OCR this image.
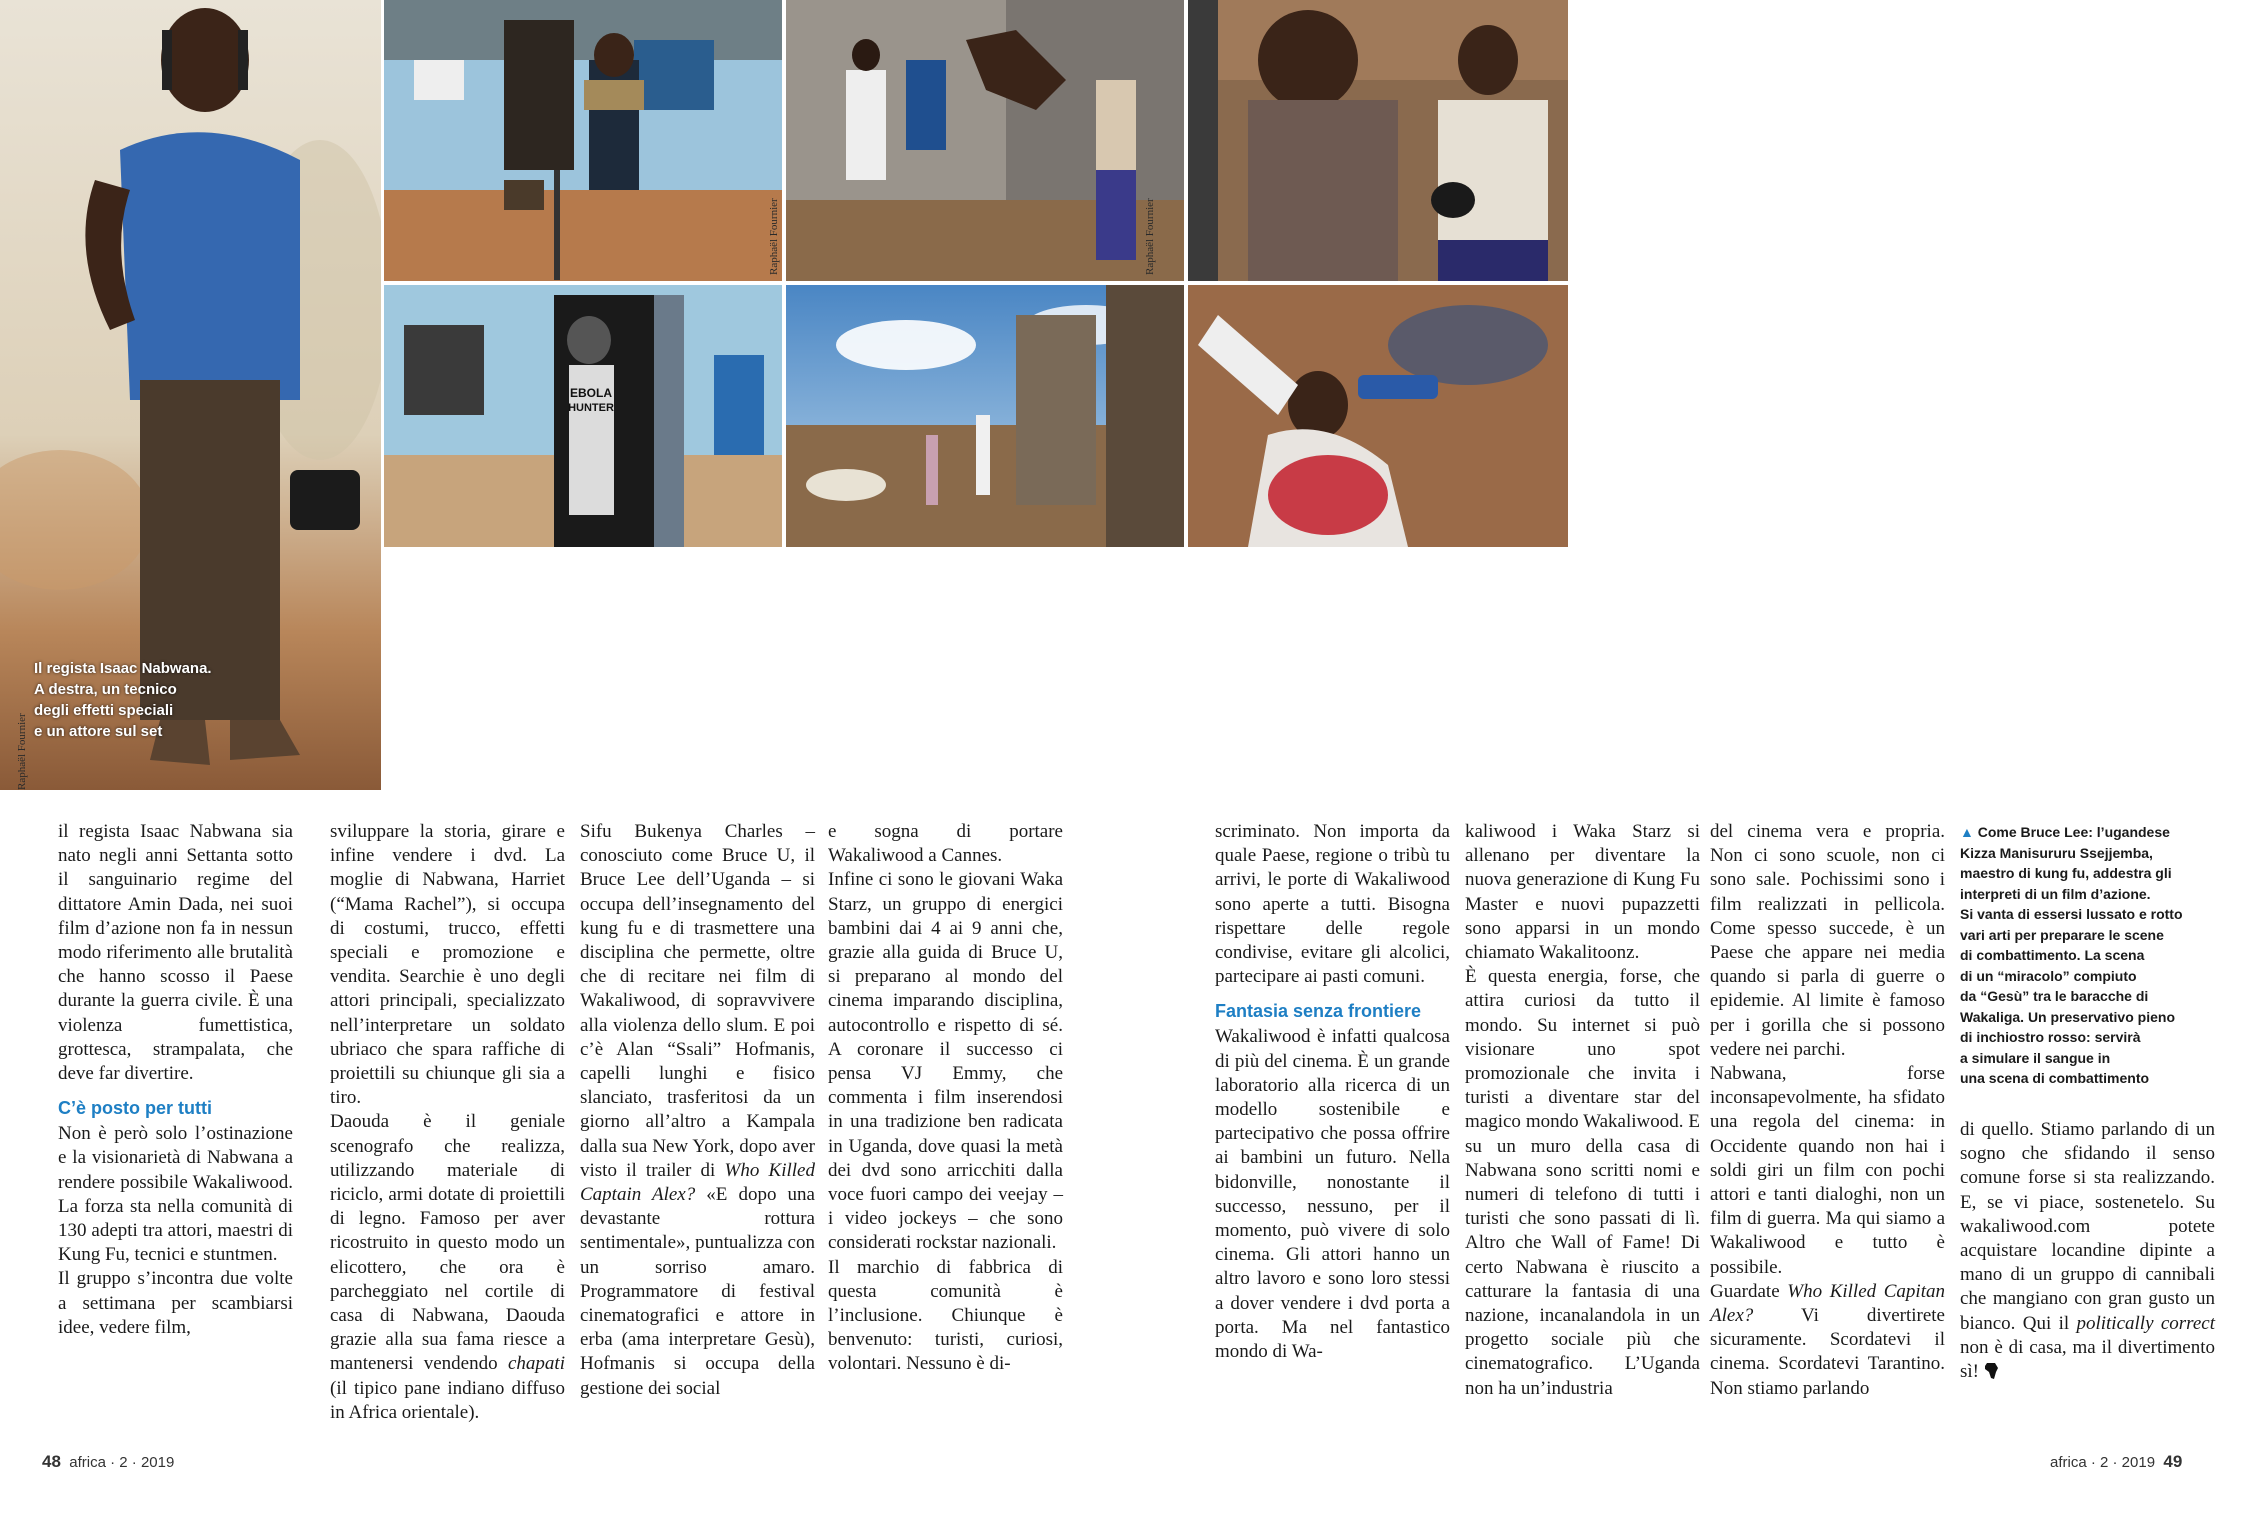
Il regista Isaac Nabwana.
A destra, un tecnico
degli effetti speciali
e un attore sul set
Raphaël Fournier
Raphaël Fournier	Raphaël Fournier
EBOLA
HUNTER

il regista Isaac Nabwana sia nato negli anni Settanta sotto il sanguinario regime del dittatore Amin Dada, nei suoi film d’azione non fa in nessun modo riferimento alle brutalità che hanno scosso il Paese durante la guerra civile. È una violenza fumettistica, grottesca, strampalata, che deve far divertire.

C’è posto per tutti

Non è però solo l’ostinazione e la visionarietà di Nabwana a rendere possibile Wakaliwood. La forza sta nella comunità di 130 adepti tra attori, maestri di Kung Fu, tecnici e stuntmen.

Il gruppo s’incontra due volte a settimana per scambiarsi idee, vedere film,

sviluppare la storia, girare e infine vendere i dvd. La moglie di Nabwana, Harriet (“Mama Rachel”), si occupa di costumi, trucco, effetti speciali e promozione e vendita. Searchie è uno degli attori principali, specializzato nell’interpretare un soldato ubriaco che spara raffiche di proiettili su chiunque gli sia a tiro.

Daouda è il geniale scenografo che realizza, utilizzando materiale di riciclo, armi dotate di proiettili di legno. Famoso per aver ricostruito in questo modo un elicottero, che ora è parcheggiato nel cortile di casa di Nabwana, Daouda grazie alla sua fama riesce a mantenersi vendendo chapati (il tipico pane indiano diffuso in Africa orientale).

Sifu Bukenya Charles – conosciuto come Bruce U, il Bruce Lee dell’Uganda – si occupa dell’insegnamento del kung fu e di trasmettere una disciplina che permette, oltre che di recitare nei film di Wakaliwood, di sopravvivere alla violenza dello slum. E poi c’è Alan “Ssali” Hofmanis, capelli lunghi e fisico slanciato, trasferitosi da un giorno all’altro a Kampala dalla sua New York, dopo aver visto il trailer di Who Killed Captain Alex? «E dopo una devastante rottura sentimentale», puntualizza con un sorriso amaro. Programmatore di festival cinematografici e attore in erba (ama interpretare Gesù), Hofmanis si occupa della gestione dei social

e sogna di portare Wakaliwood a Cannes.

Infine ci sono le giovani Waka Starz, un gruppo di energici bambini dai 4 ai 9 anni che, grazie alla guida di Bruce U, si preparano al mondo del cinema imparando disciplina, autocontrollo e rispetto di sé. A coronare il successo ci pensa VJ Emmy, che commenta i film inserendosi in una tradizione ben radicata in Uganda, dove quasi la metà dei dvd sono arricchiti dalla voce fuori campo dei veejay – i video jockeys – che sono considerati rockstar nazionali.

Il marchio di fabbrica di questa comunità è l’inclusione. Chiunque è benvenuto: turisti, curiosi, volontari. Nessuno è di-

scriminato. Non importa da quale Paese, regione o tribù tu arrivi, le porte di Wakaliwood sono aperte a tutti. Bisogna rispettare delle regole condivise, evitare gli alcolici, partecipare ai pasti comuni.

Fantasia senza frontiere

Wakaliwood è infatti qualcosa di più del cinema. È un grande laboratorio alla ricerca di un modello sostenibile e partecipativo che possa offrire ai bambini un futuro. Nella bidonville, nonostante il successo, nessuno, per il momento, può vivere di solo cinema. Gli attori hanno un altro lavoro e sono loro stessi a dover vendere i dvd porta a porta. Ma nel fantastico mondo di Wa-

kaliwood i Waka Starz si allenano per diventare la nuova generazione di Kung Fu Master e nuovi pupazzetti sono apparsi in un mondo chiamato Wakalitoonz.

È questa energia, forse, che attira curiosi da tutto il mondo. Su internet si può visionare uno spot promozionale che invita i turisti a diventare star del magico mondo Wakaliwood. E su un muro della casa di Nabwana sono scritti nomi e numeri di telefono di tutti i turisti che sono passati di lì. Altro che Wall of Fame! Di certo Nabwana è riuscito a catturare la fantasia di una nazione, incanalandola in un progetto sociale più che cinematografico. L’Uganda non ha un’industria

del cinema vera e propria. Non ci sono scuole, non ci sono sale. Pochissimi sono i film realizzati in pellicola. Come spesso succede, è un Paese che appare nei media quando si parla di guerre o epidemie. Al limite è famoso per i gorilla che si possono vedere nei parchi.

Nabwana, forse inconsapevolmente, ha sfidato una regola del cinema: in Occidente quando non hai i soldi giri un film con pochi attori e tanti dialoghi, non un film di guerra. Ma qui siamo a Wakaliwood e tutto è possibile.

Guardate Who Killed Capitan Alex? Vi divertirete sicuramente. Scordatevi il cinema. Scordatevi Tarantino. Non stiamo parlando

▲ Come Bruce Lee: l’ugandese
Kizza Manisururu Ssejjemba,
maestro di kung fu, addestra gli
interpreti di un film d’azione.
Si vanta di essersi lussato e rotto
vari arti per preparare le scene
di combattimento. La scena
di un “miracolo” compiuto
da “Gesù” tra le baracche di
Wakaliga. Un preservativo pieno
di inchiostro rosso: servirà
a simulare il sangue in
una scena di combattimento

di quello. Stiamo parlando di un sogno che sfidando il senso comune forse si sta realizzando. E, se vi piace, sostenetelo. Su wakaliwood.com potete acquistare locandine dipinte a mano di un gruppo di cannibali che mangiano con gran gusto un bianco. Qui il politically correct non è di casa, ma il divertimento sì!

48 africa · 2 · 2019	africa · 2 · 2019 49
